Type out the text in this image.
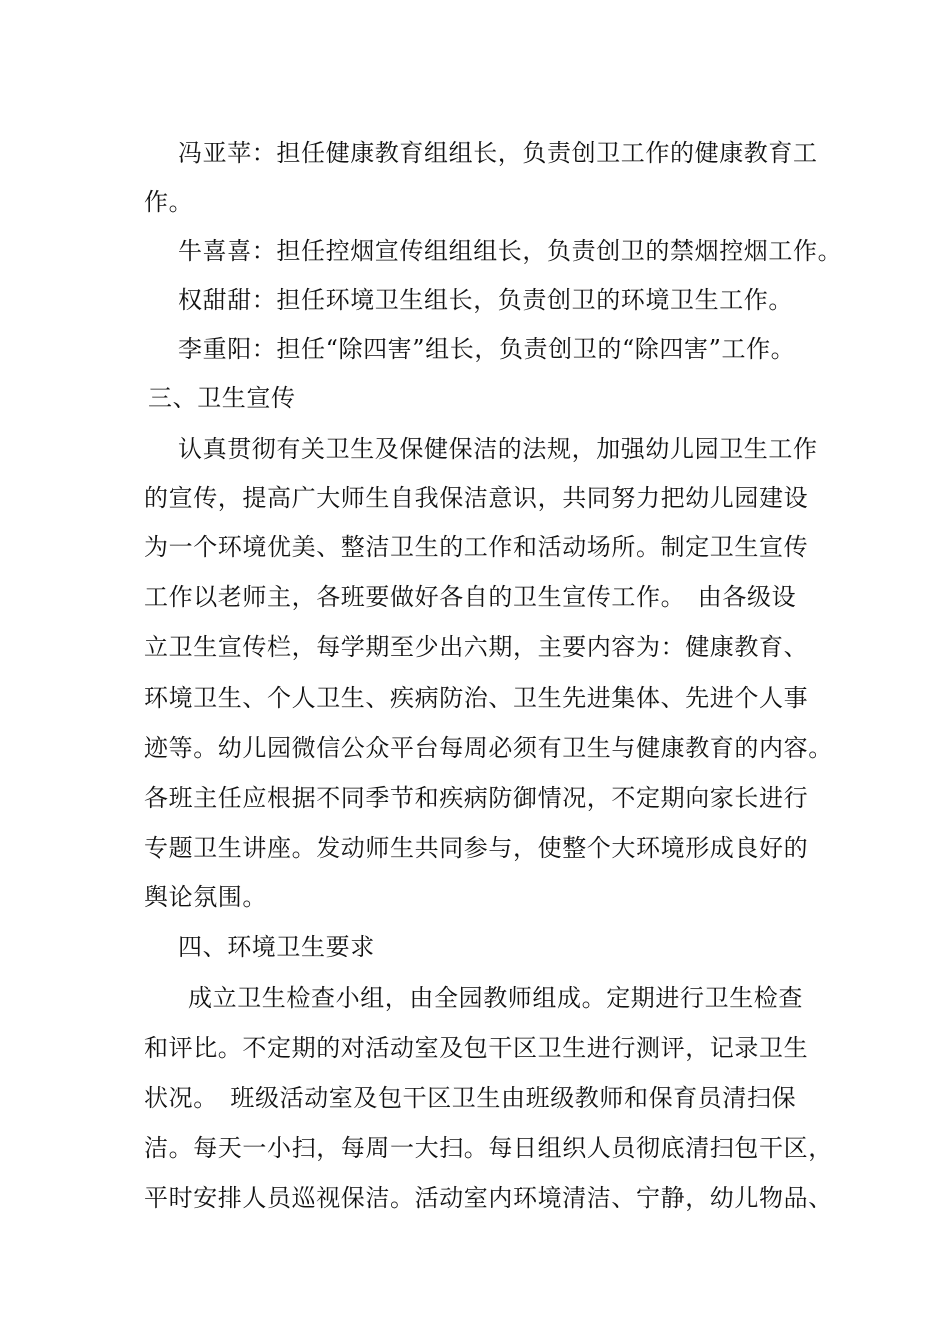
冯亚苹：担任健康教育组组长，负责创卫工作的健康教育工
作。
牛喜喜：担任控烟宣传组组组长，负责创卫的禁烟控烟工作。
权甜甜：担任环境卫生组长，负责创卫的环境卫生工作。
李重阳：担任“除四害”组长，负责创卫的“除四害”工作。
三、卫生宣传
认真贯彻有关卫生及保健保洁的法规，加强幼儿园卫生工作
的宣传，提高广大师生自我保洁意识，共同努力把幼儿园建设
为一个环境优美、整洁卫生的工作和活动场所。制定卫生宣传
工作以老师主，各班要做好各自的卫生宣传工作。　由各级设
立卫生宣传栏，每学期至少出六期，主要内容为：健康教育、
环境卫生、个人卫生、疾病防治、卫生先进集体、先进个人事
迹等。幼儿园微信公众平台每周必须有卫生与健康教育的内容。
各班主任应根据不同季节和疾病防御情况，不定期向家长进行
专题卫生讲座。发动师生共同参与，使整个大环境形成良好的
舆论氛围。
四、环境卫生要求
成立卫生检查小组，由全园教师组成。定期进行卫生检查
和评比。不定期的对活动室及包干区卫生进行测评，记录卫生
状况。　班级活动室及包干区卫生由班级教师和保育员清扫保
洁。每天一小扫，每周一大扫。每日组织人员彻底清扫包干区，
平时安排人员巡视保洁。活动室内环境清洁、宁静，幼儿物品、
